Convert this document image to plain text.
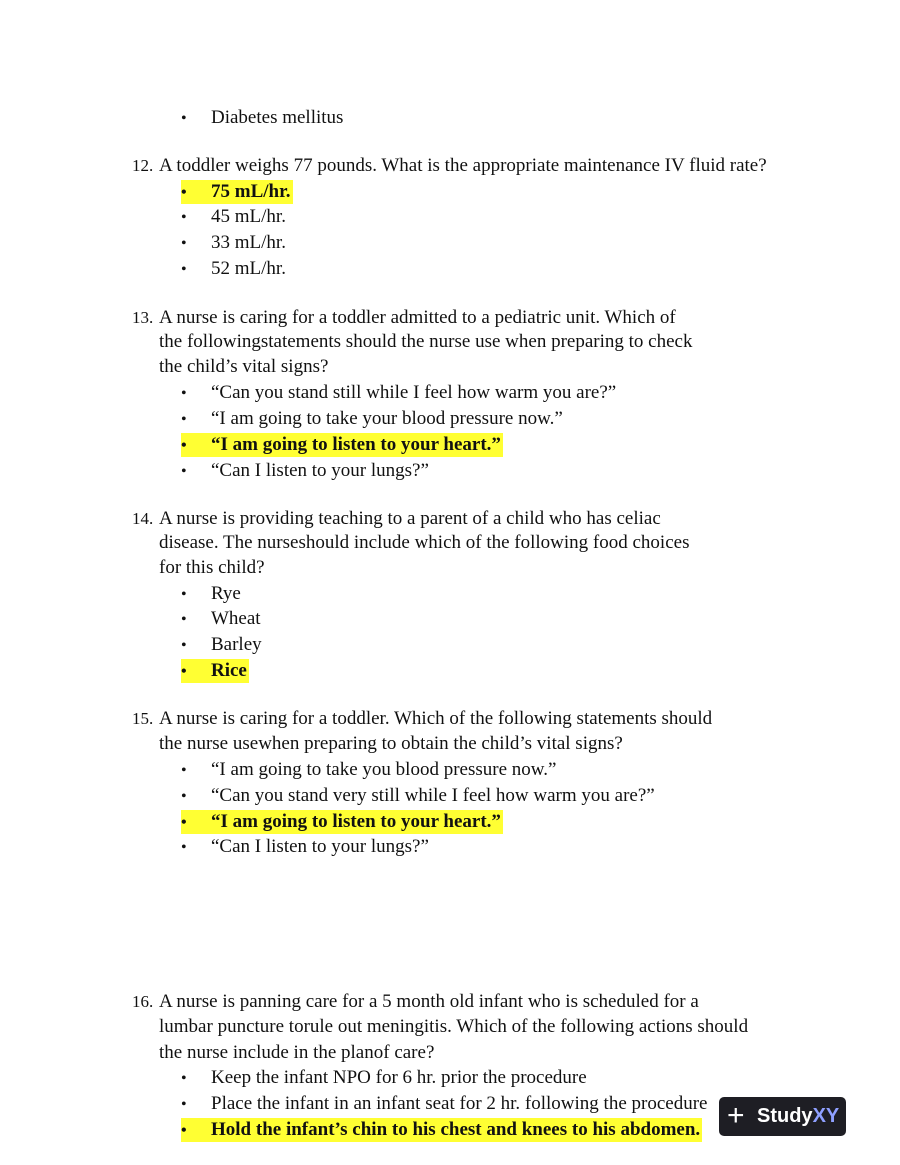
• Diabetes mellitus
12. A toddler weighs 77 pounds. What is the appropriate maintenance IV fluid rate?
• 75 mL/hr.
• 45 mL/hr.
• 33 mL/hr.
• 52 mL/hr.
13. A nurse is caring for a toddler admitted to a pediatric unit. Which of
the followingstatements should the nurse use when preparing to check
the child’s vital signs?
• “Can you stand still while I feel how warm you are?”
• “I am going to take your blood pressure now.”
• “I am going to listen to your heart.”
• “Can I listen to your lungs?”
14. A nurse is providing teaching to a parent of a child who has celiac
disease. The nurseshould include which of the following food choices
for this child?
• Rye
• Wheat
• Barley
• Rice
15. A nurse is caring for a toddler. Which of the following statements should
the nurse usewhen preparing to obtain the child’s vital signs?
• “I am going to take you blood pressure now.”
• “Can you stand very still while I feel how warm you are?”
• “I am going to listen to your heart.”
• “Can I listen to your lungs?”
16. A nurse is panning care for a 5 month old infant who is scheduled for a
lumbar puncture torule out meningitis. Which of the following actions should
the nurse include in the planof care?
• Keep the infant NPO for 6 hr. prior the procedure
• Place the infant in an infant seat for 2 hr. following the procedure
• Hold the infant’s chin to his chest and knees to his abdomen. + StudyXY
